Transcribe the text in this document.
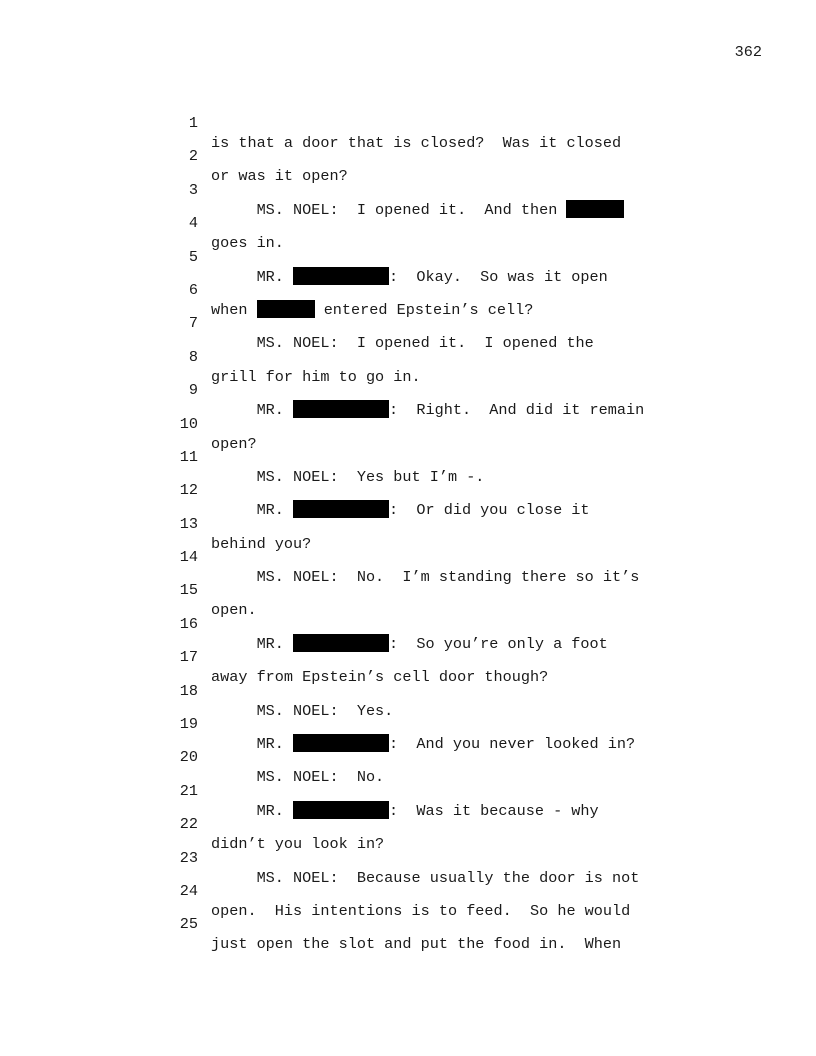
362

1

is that a door that is closed?  Was it closed

2

or was it open?

3

MS. NOEL:  I opened it.  And then

4

goes in.

5

MR.	:  Okay.  So was it open

6

when	entered Epstein’s cell?

7

MS. NOEL:  I opened it.  I opened the

8

grill for him to go in.

9

MR.	:  Right.  And did it remain

10

open?

11

MS. NOEL:  Yes but I’m -.

12

MR.	:  Or did you close it

13

behind you?

14

MS. NOEL:  No.  I’m standing there so it’s

15

open.

16

MR.	:  So you’re only a foot

17

away from Epstein’s cell door though?

18

MS. NOEL:  Yes.

19

MR.	:  And you never looked in?

20

MS. NOEL:  No.

21

MR.	:  Was it because - why

22

didn’t you look in?

23

MS. NOEL:  Because usually the door is not

24

open.  His intentions is to feed.  So he would

25

just open the slot and put the food in.  When
